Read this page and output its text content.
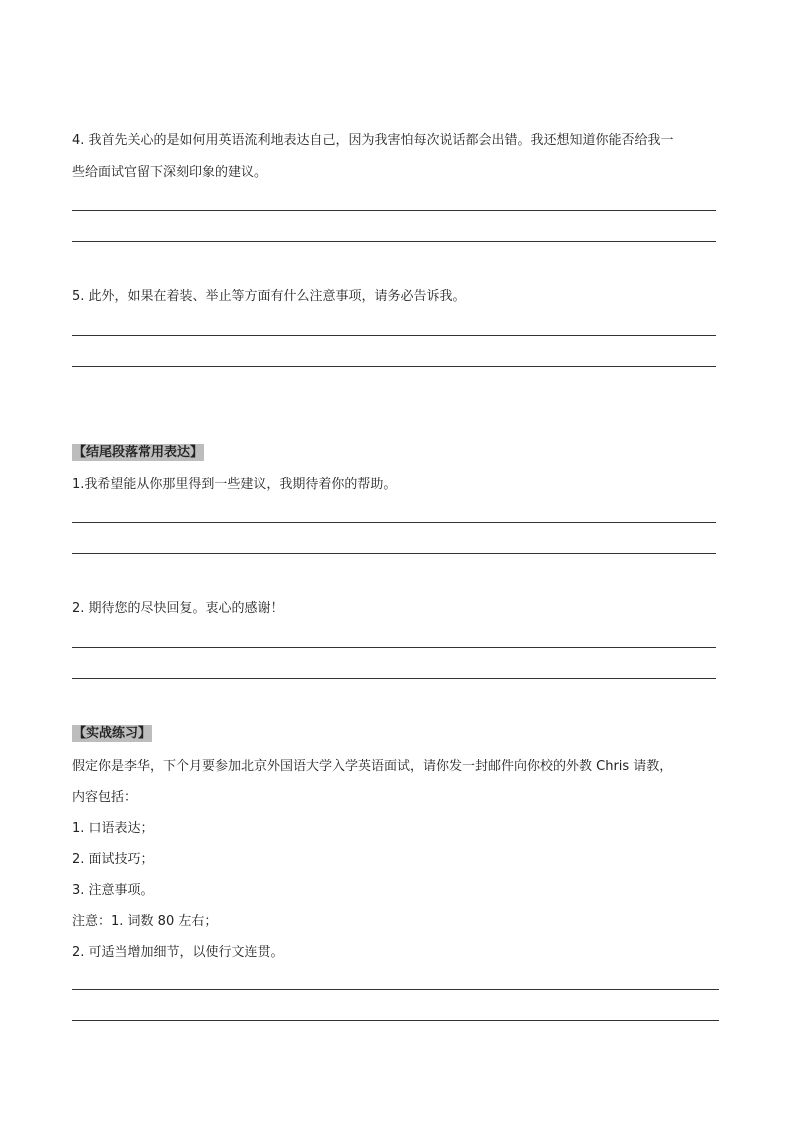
4. 我首先关心的是如何用英语流利地表达自己，因为我害怕每次说话都会出错。我还想知道你能否给我一

些给面试官留下深刻印象的建议。

5. 此外，如果在着装、举止等方面有什么注意事项，请务必告诉我。

【结尾段落常用表达】

1.我希望能从你那里得到一些建议，我期待着你的帮助。

2. 期待您的尽快回复。衷心的感谢！

【实战练习】

假定你是李华，下个月要参加北京外国语大学入学英语面试，请你发一封邮件向你校的外教 Chris 请教，

内容包括：

1. 口语表达；

2. 面试技巧；

3. 注意事项。

注意：1. 词数 80 左右；

2. 可适当增加细节，以使行文连贯。
